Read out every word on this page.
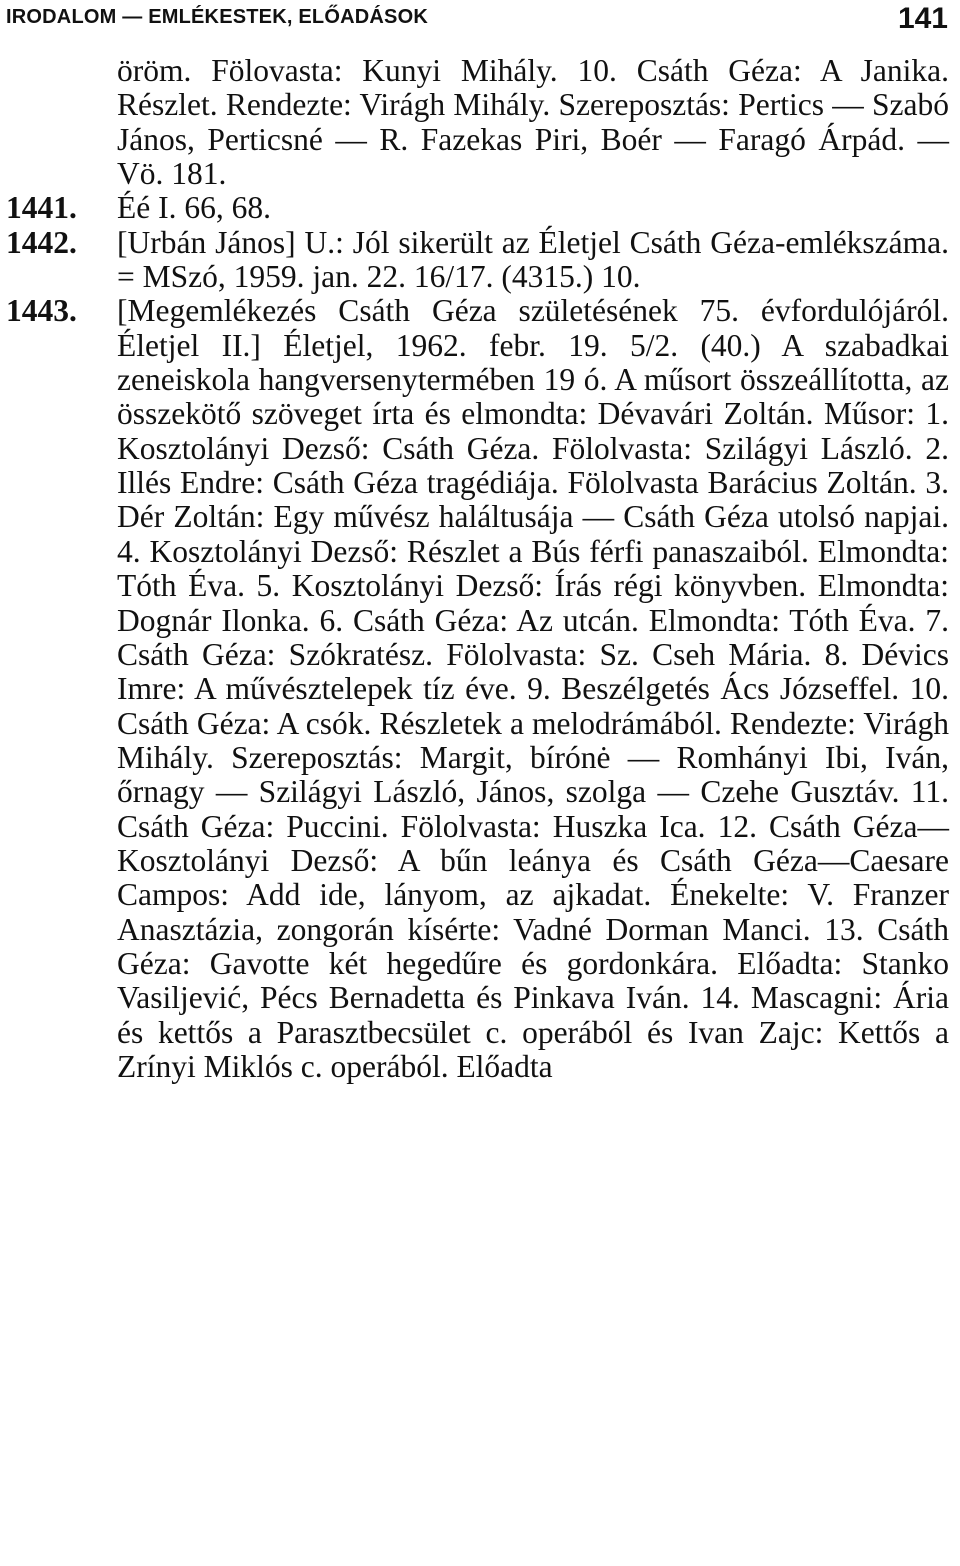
IRODALOM — EMLÉKESTEK, ELŐADÁSOK	141
öröm. Fölovasta: Kunyi Mihály. 10. Csáth Géza: A Janika. Részlet. Rendezte: Virágh Mihály. Szereposztás: Pertics — Szabó János, Perticsné — R. Fazekas Piri, Boér — Faragó Árpád. — Vö. 181.
1441.	Éé I. 66, 68.
1442.	[Urbán János] U.: Jól sikerült az Életjel Csáth Géza-emlékszáma. = MSzó, 1959. jan. 22. 16/17. (4315.) 10.
1443.	[Megemlékezés Csáth Géza születésének 75. évfordulójáról. Életjel II.] Életjel, 1962. febr. 19. 5/2. (40.) A szabadkai zeneiskola hangversenytermében 19 ó. A műsort összeállította, az összekötő szöveget írta és elmondta: Dévavári Zoltán. Műsor: 1. Kosztolányi Dezső: Csáth Géza. Fölolvasta: Szilágyi László. 2. Illés Endre: Csáth Géza tragédiája. Fölolvasta Barácius Zoltán. 3. Dér Zoltán: Egy művész haláltusája — Csáth Géza utolsó napjai. 4. Kosztolányi Dezső: Részlet a Bús férfi panaszaiból. Elmondta: Tóth Éva. 5. Kosztolányi Dezső: Írás régi könyvben. Elmondta: Dognár Ilonka. 6. Csáth Géza: Az utcán. Elmondta: Tóth Éva. 7. Csáth Géza: Szókratész. Fölolvasta: Sz. Cseh Mária. 8. Dévics Imre: A művésztelepek tíz éve. 9. Beszélgetés Ács Józseffel. 10. Csáth Géza: A csók. Részletek a melodrámából. Rendezte: Virágh Mihály. Szereposztás: Margit, bírónė — Romhányi Ibi, Iván, őrnagy — Szilágyi László, János, szolga — Czehe Gusztáv. 11. Csáth Géza: Puccini. Fölolvasta: Huszka Ica. 12. Csáth Géza—Kosztolányi Dezső: A bűn leánya és Csáth Géza—Caesare Campos: Add ide, lányom, az ajkadat. Énekelte: V. Franzer Anasztázia, zongorán kísérte: Vadné Dorman Manci. 13. Csáth Géza: Gavotte két hegedűre és gordonkára. Előadta: Stanko Vasiljević, Pécs Bernadetta és Pinkava Iván. 14. Mascagni: Ária és kettős a Parasztbecsület c. operából és Ivan Zajc: Kettős a Zrínyi Miklós c. operából. Előadta
